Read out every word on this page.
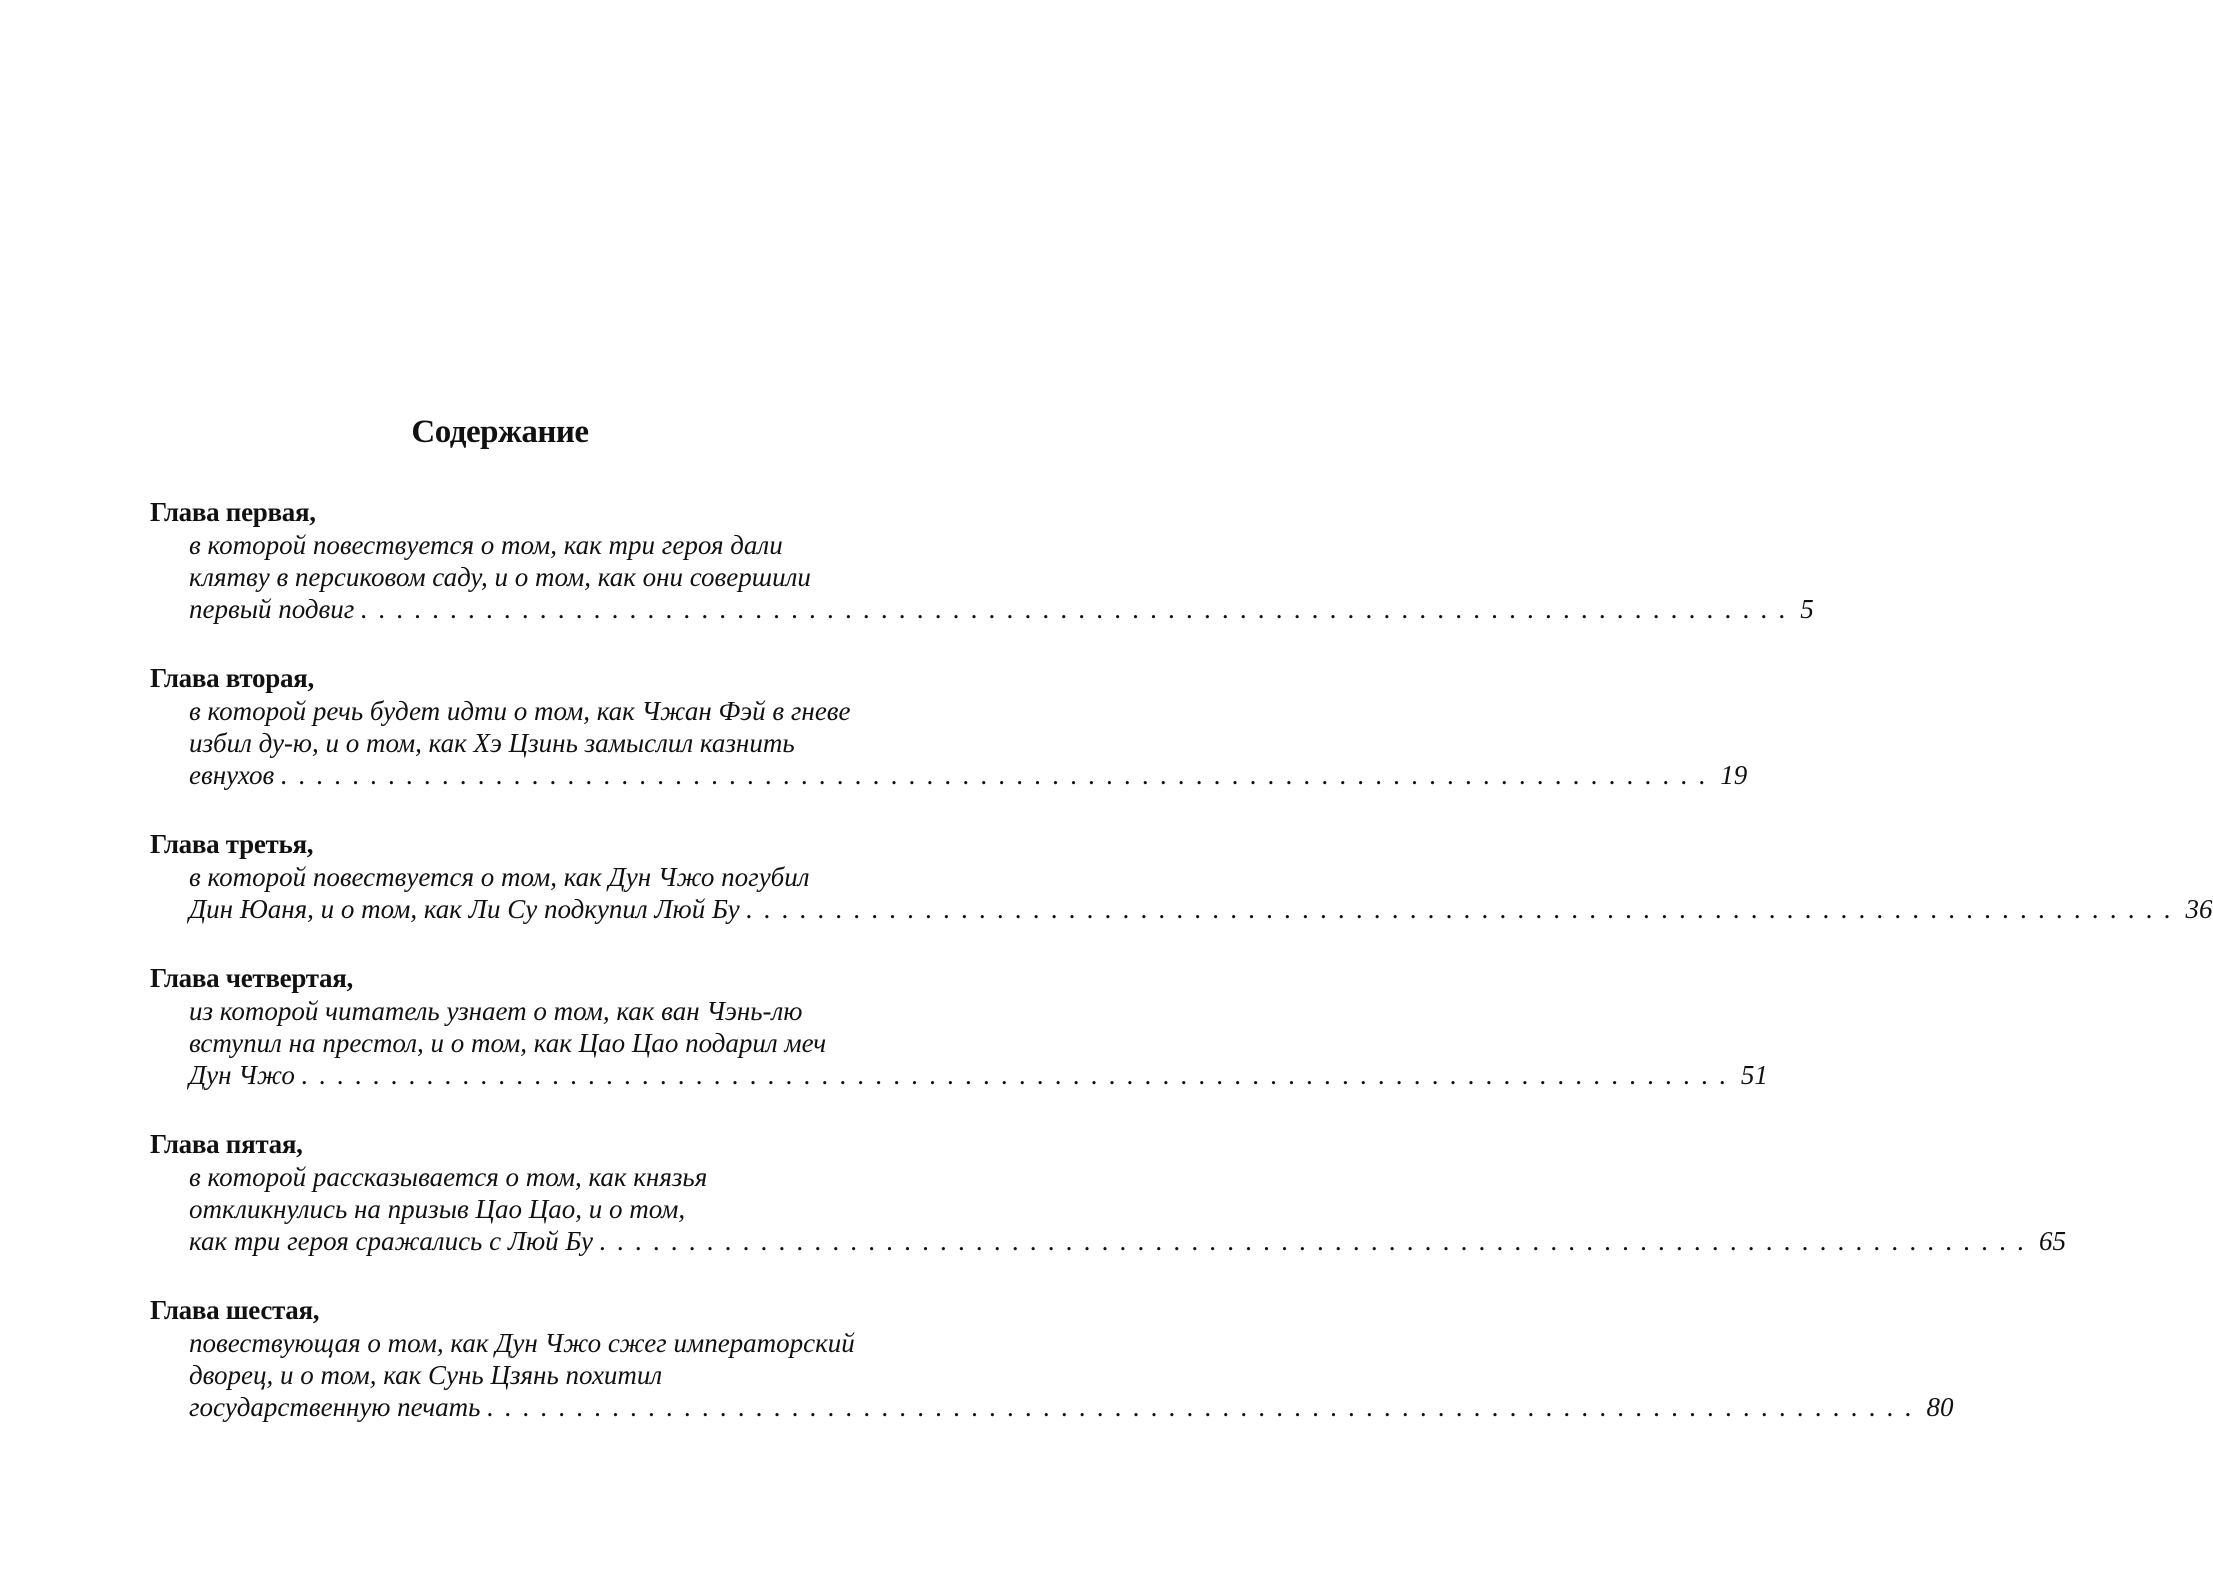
Содержание
Глава первая,
в которой повествуется о том, как три героя дали
клятву в персиковом саду, и о том, как они совершили
первый подвиг ................................................................................ 5
Глава вторая,
в которой речь будет идти о том, как Чжан Фэй в гневе
избил ду-ю, и о том, как Хэ Цзинь замыслил казнить
евнухов ................................................................................ 19
Глава третья,
в которой повествуется о том, как Дун Чжо погубил
Дин Юаня, и о том, как Ли Су подкупил Люй Бу ................................................................................ 36
Глава четвертая,
из которой читатель узнает о том, как ван Чэнь-лю
вступил на престол, и о том, как Цао Цао подарил меч
Дун Чжо ................................................................................ 51
Глава пятая,
в которой рассказывается о том, как князья
откликнулись на призыв Цао Цао, и о том,
как три героя сражались с Люй Бу ................................................................................ 65
Глава шестая,
повествующая о том, как Дун Чжо сжег императорский
дворец, и о том, как Сунь Цзянь похитил
государственную печать ................................................................................ 80
